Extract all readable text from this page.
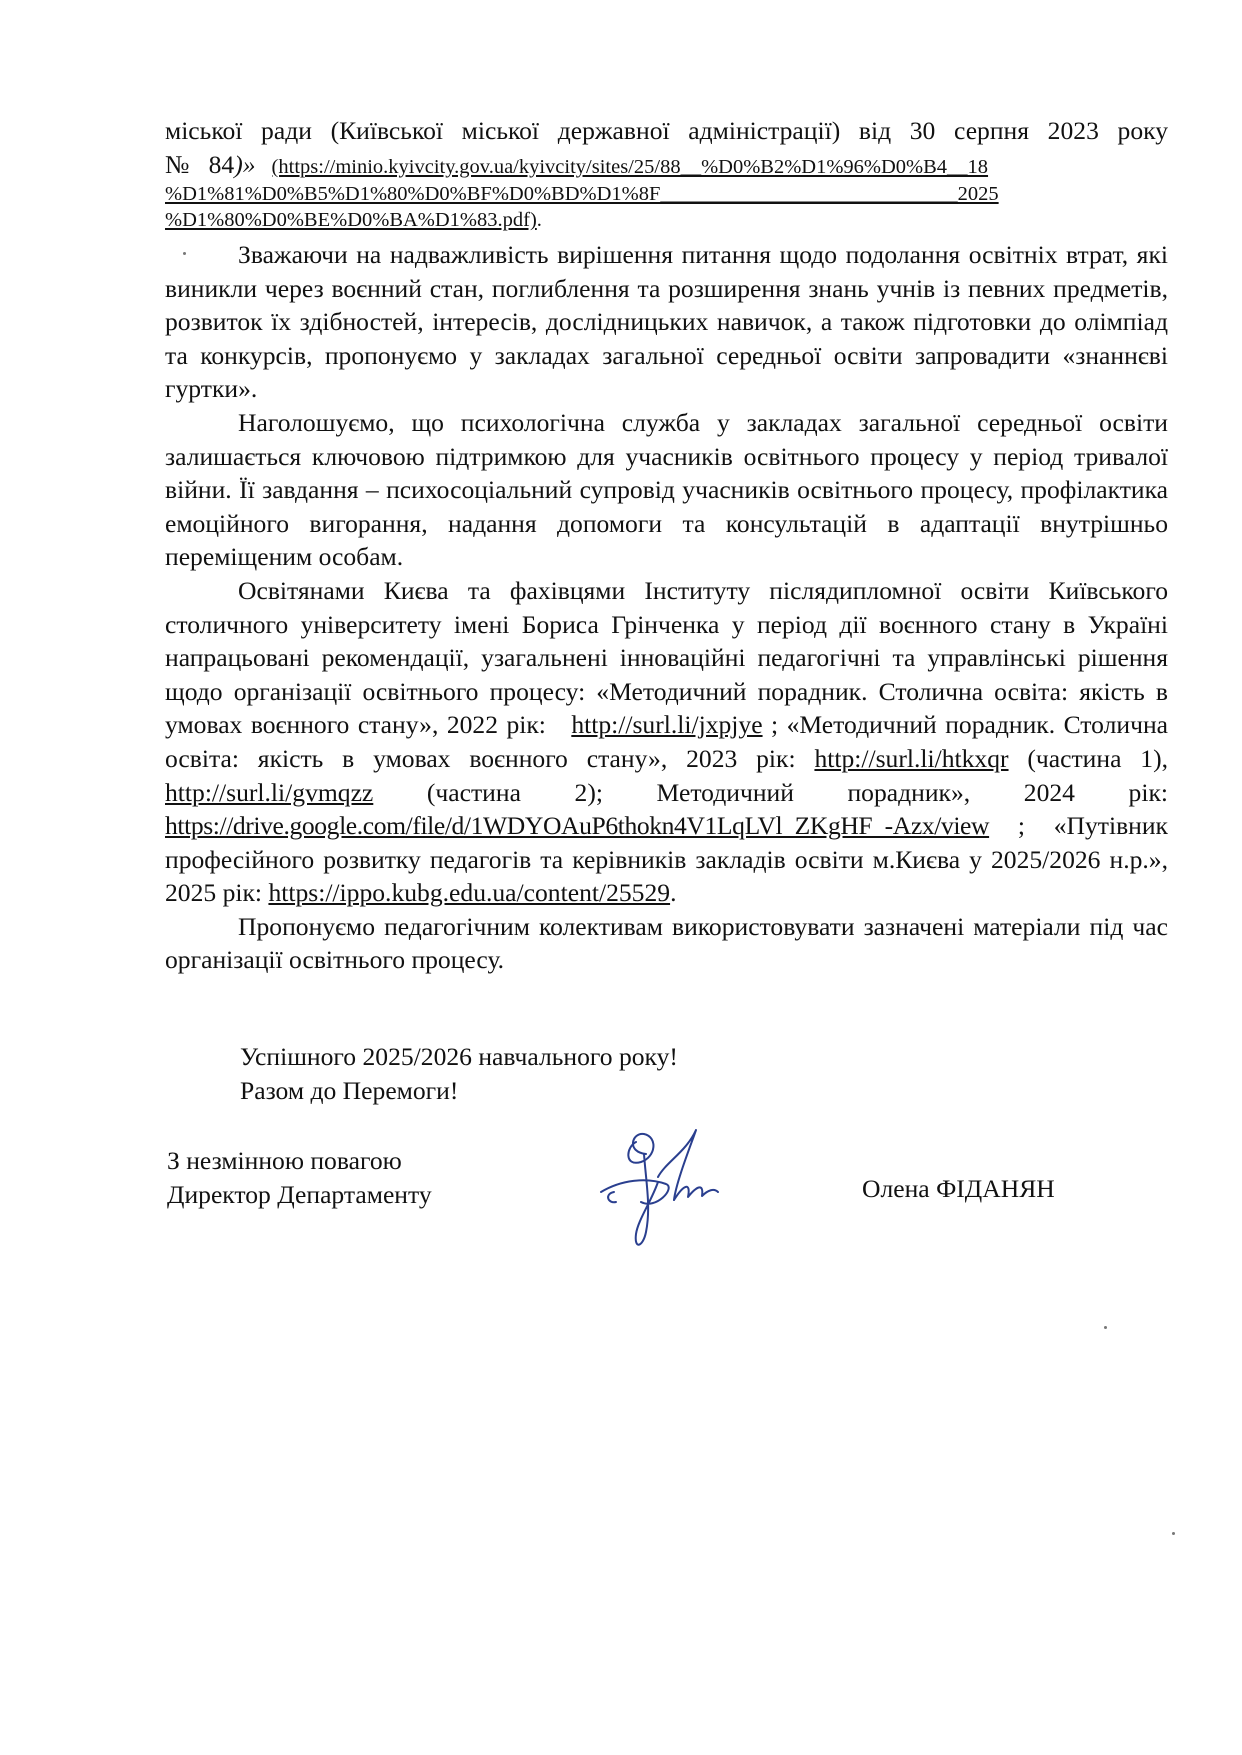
міської ради (Київської міської державної адміністрації) від 30 серпня 2023 року

№   84 )» (https://minio.kyivcity.gov.ua/kyivcity/sites/25/88__%D0%B2%D1%96%D0%B4__18
%D1%81%D0%B5%D1%80%D0%BF%D0%BD%D1%8F_____________________________2025
%D1%80%D0%BE%D0%BA%D1%83.pdf).

Зважаючи на надважливість вирішення питання щодо подолання освітніх втрат, які виникли через воєнний стан, поглиблення та розширення знань учнів із певних предметів, розвиток їх здібностей, інтересів, дослідницьких навичок, а також підготовки до олімпіад та конкурсів, пропонуємо у закладах загальної середньої освіти запровадити «знаннєві гуртки».

Наголошуємо, що психологічна служба у закладах загальної середньої освіти залишається ключовою підтримкою для учасників освітнього процесу у період тривалої війни. Її завдання – психосоціальний супровід учасників освітнього процесу, профілактика емоційного вигорання, надання допомоги та консультацій в адаптації внутрішньо переміщеним особам.

Освітянами Києва та фахівцями Інституту післядипломної освіти Київського столичного університету імені Бориса Грінченка у період дії воєнного стану в Україні напрацьовані рекомендації, узагальнені інноваційні педагогічні та управлінські рішення щодо організації освітнього процесу: «Методичний порадник. Столична освіта: якість в умовах воєнного стану», 2022 рік: http://surl.li/jxpjye ; «Методичний порадник. Столична освіта: якість в умовах воєнного стану», 2023 рік: http://surl.li/htkxqr (частина 1), http://surl.li/gvmqzz (частина 2); Методичний порадник», 2024 рік: https://drive.google.com/file/d/1WDYOAuP6thokn4V1LqLVl_ZKgHF_-Azx/view ; «Путівник професійного розвитку педагогів та керівників закладів освіти м.Києва у 2025/2026 н.р.», 2025 рік: https://ippo.kubg.edu.ua/content/25529.

Пропонуємо педагогічним колективам використовувати зазначені матеріали під час організації освітнього процесу.

Успішного 2025/2026 навчального року!
Разом до Перемоги!
З незмінною повагою
Директор Департаменту	Олена ФІДАНЯН
